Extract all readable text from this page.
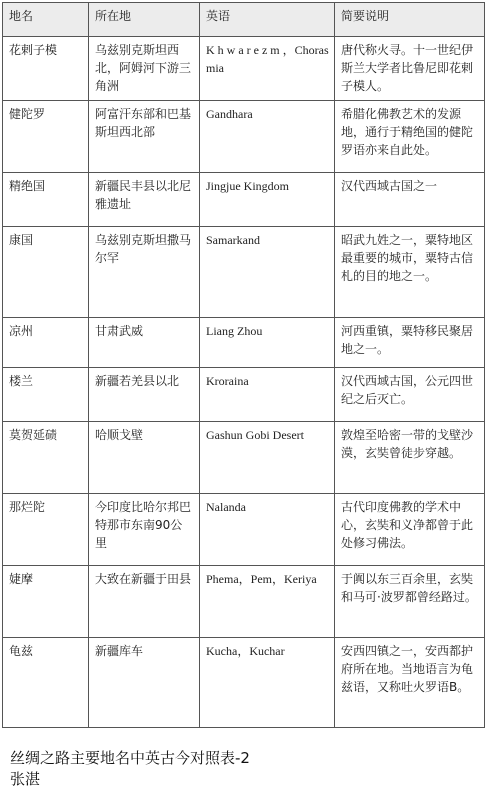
地名	所在地	英语	简要说明
花剌子模	乌兹别克斯坦西北，阿姆河下游三角洲	K h w a r e z m ，Chorasmia	唐代称火寻。十一世纪伊斯兰大学者比鲁尼即花剌子模人。
健陀罗	阿富汗东部和巴基斯坦西北部	Gandhara	希腊化佛教艺术的发源地，通行于精绝国的健陀罗语亦来自此处。
精绝国	新疆民丰县以北尼雅遗址	Jingjue Kingdom	汉代西域古国之一
康国	乌兹别克斯坦撒马尔罕	Samarkand	昭武九姓之一，粟特地区最重要的城市，粟特古信札的目的地之一。
凉州	甘肃武威	Liang Zhou	河西重镇，粟特移民聚居地之一。
楼兰	新疆若羌县以北	Kroraina	汉代西域古国，公元四世纪之后灭亡。
莫贺延碛	哈顺戈壁	Gashun Gobi Desert	敦煌至哈密一带的戈壁沙漠，玄奘曾徒步穿越。
那烂陀	今印度比哈尔邦巴特那市东南90公里	Nalanda	古代印度佛教的学术中心，玄奘和义净都曾于此处修习佛法。
婕摩	大致在新疆于田县	Phema，Pem，Keriya	于阗以东三百余里，玄奘和马可·波罗都曾经路过。
龟兹	新疆库车	Kucha，Kuchar	安西四镇之一，安西都护府所在地。当地语言为龟兹语，又称吐火罗语B。
丝绸之路主要地名中英古今对照表-2
张湛
